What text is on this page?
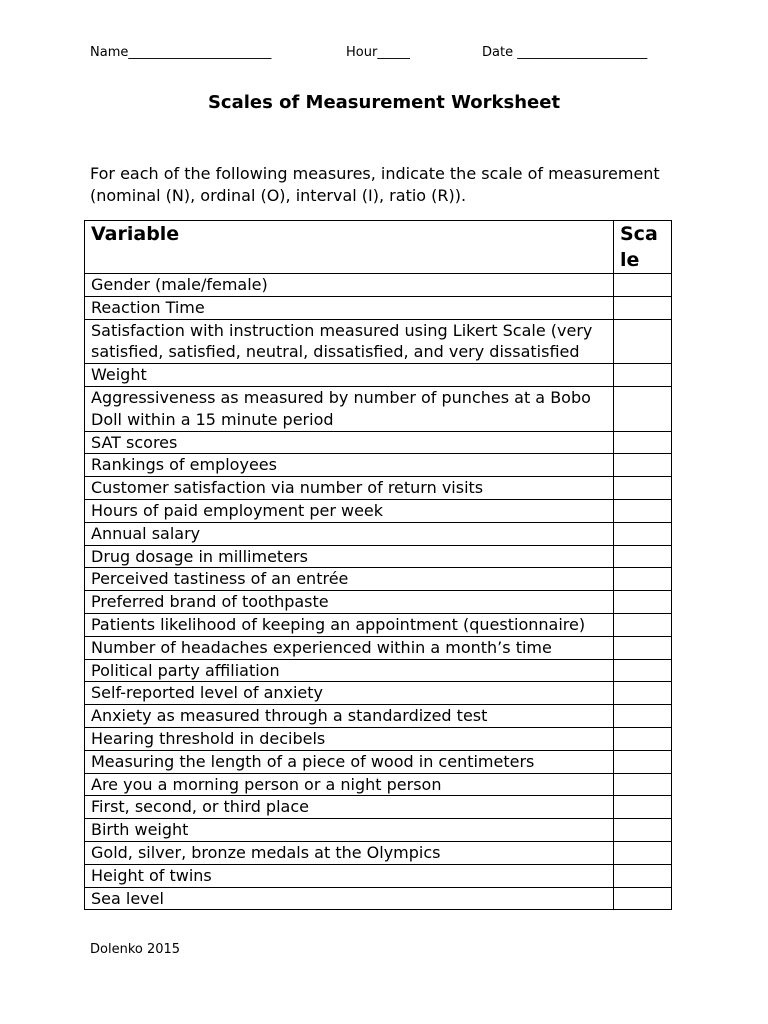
Name______________________	Hour_____	Date ____________________
Scales of Measurement Worksheet
For each of the following measures, indicate the scale of measurement (nominal (N), ordinal (O), interval (I), ratio (R)).
Variable	Sca le
Gender (male/female)	
Reaction Time	
Satisfaction with instruction measured using Likert Scale (very satisfied, satisfied, neutral, dissatisfied, and very dissatisfied	
Weight	
Aggressiveness as measured by number of punches at a Bobo Doll within a 15 minute period	
SAT scores	
Rankings of employees	
Customer satisfaction via number of return visits	
Hours of paid employment per week	
Annual salary	
Drug dosage in millimeters	
Perceived tastiness of an entrée	
Preferred brand of toothpaste	
Patients likelihood of keeping an appointment (questionnaire)	
Number of headaches experienced within a month’s time	
Political party affiliation	
Self-reported level of anxiety	
Anxiety as measured through a standardized test	
Hearing threshold in decibels	
Measuring the length of a piece of wood in centimeters	
Are you a morning person or a night person	
First, second, or third place	
Birth weight	
Gold, silver, bronze medals at the Olympics	
Height of twins	
Sea level	
Dolenko 2015
